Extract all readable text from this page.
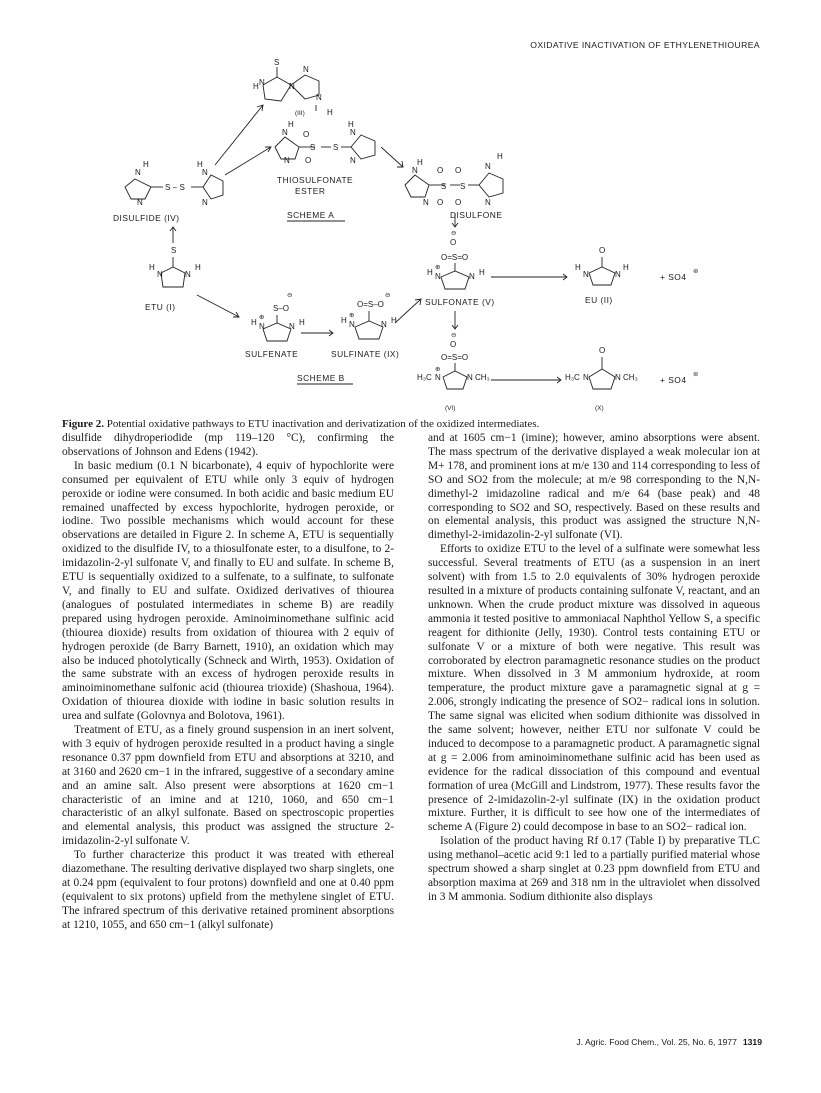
OXIDATIVE INACTIVATION OF ETHYLENETHIOUREA
S
H N	N
N
N
H
(III)
H
N
N
O
S
O
S
H
N
N
THIOSULFONATE
ESTER
SCHEME A
H
N
N
S − S
H
N
N
DISULFIDE (IV)
H
N
N
O
S
O
O
S
O
H
N
N
DISULFONE
S
H
N	N
H
ETU (I)
⊖
O
O=S=O
H N
⊕
N H
SULFONATE (V)
O
H
N	N
H
EU (II)
+ SO4
⊜
⊖
S–O
H N
⊕
N H
SULFENATE
⊖
O=S–O
H N
⊕
N H
SULFINATE (IX)
SCHEME B
⊖
O
O=S=O
H₃C N
⊕
N CH₃
(VI)
O
H₃C N	N CH₃
(X)
+ SO4
⊜
Figure 2. Potential oxidative pathways to ETU inactivation and derivatization of the oxidized intermediates.

disulfide dihydroperiodide (mp 119–120 °C), confirming the observations of Johnson and Edens (1942).

In basic medium (0.1 N bicarbonate), 4 equiv of hypochlorite were consumed per equivalent of ETU while only 3 equiv of hydrogen peroxide or iodine were consumed. In both acidic and basic medium EU remained unaffected by excess hypochlorite, hydrogen peroxide, or iodine. Two possible mechanisms which would account for these observations are detailed in Figure 2. In scheme A, ETU is sequentially oxidized to the disulfide IV, to a thiosulfonate ester, to a disulfone, to 2-imidazolin-2-yl sulfonate V, and finally to EU and sulfate. In scheme B, ETU is sequentially oxidized to a sulfenate, to a sulfinate, to sulfonate V, and finally to EU and sulfate. Oxidized derivatives of thiourea (analogues of postulated intermediates in scheme B) are readily prepared using hydrogen peroxide. Aminoiminomethane sulfinic acid (thiourea dioxide) results from oxidation of thiourea with 2 equiv of hydrogen peroxide (de Barry Barnett, 1910), an oxidation which may also be induced photolytically (Schneck and Wirth, 1953). Oxidation of the same substrate with an excess of hydrogen peroxide results in aminoiminomethane sulfonic acid (thiourea trioxide) (Shashoua, 1964). Oxidation of thiourea dioxide with iodine in basic solution results in urea and sulfate (Golovnya and Bolotova, 1961).

Treatment of ETU, as a finely ground suspension in an inert solvent, with 3 equiv of hydrogen peroxide resulted in a product having a single resonance 0.37 ppm downfield from ETU and absorptions at 3210, and at 3160 and 2620 cm−1 in the infrared, suggestive of a secondary amine and an amine salt. Also present were absorptions at 1620 cm−1 characteristic of an imine and at 1210, 1060, and 650 cm−1 characteristic of an alkyl sulfonate. Based on spectroscopic properties and elemental analysis, this product was assigned the structure 2-imidazolin-2-yl sulfonate V.

To further characterize this product it was treated with ethereal diazomethane. The resulting derivative displayed two sharp singlets, one at 0.24 ppm (equivalent to four protons) downfield and one at 0.40 ppm (equivalent to six protons) upfield from the methylene singlet of ETU. The infrared spectrum of this derivative retained prominent absorptions at 1210, 1055, and 650 cm−1 (alkyl sulfonate)

and at 1605 cm−1 (imine); however, amino absorptions were absent. The mass spectrum of the derivative displayed a weak molecular ion at M+ 178, and prominent ions at m/e 130 and 114 corresponding to less of SO and SO2 from the molecule; at m/e 98 corresponding to the N,N-dimethyl-2 imidazoline radical and m/e 64 (base peak) and 48 corresponding to SO2 and SO, respectively. Based on these results and on elemental analysis, this product was assigned the structure N,N-dimethyl-2-imidazolin-2-yl sulfonate (VI).

Efforts to oxidize ETU to the level of a sulfinate were somewhat less successful. Several treatments of ETU (as a suspension in an inert solvent) with from 1.5 to 2.0 equivalents of 30% hydrogen peroxide resulted in a mixture of products containing sulfonate V, reactant, and an unknown. When the crude product mixture was dissolved in aqueous ammonia it tested positive to ammoniacal Naphthol Yellow S, a specific reagent for dithionite (Jelly, 1930). Control tests containing ETU or sulfonate V or a mixture of both were negative. This result was corroborated by electron paramagnetic resonance studies on the product mixture. When dissolved in 3 M ammonium hydroxide, at room temperature, the product mixture gave a paramagnetic signal at g = 2.006, strongly indicating the presence of SO2− radical ions in solution. The same signal was elicited when sodium dithionite was dissolved in the same solvent; however, neither ETU nor sulfonate V could be induced to decompose to a paramagnetic product. A paramagnetic signal at g = 2.006 from aminoiminomethane sulfinic acid has been used as evidence for the radical dissociation of this compound and eventual formation of urea (McGill and Lindstrom, 1977). These results favor the presence of 2-imidazolin-2-yl sulfinate (IX) in the oxidation product mixture. Further, it is difficult to see how one of the intermediates of scheme A (Figure 2) could decompose in base to an SO2− radical ion.

Isolation of the product having Rf 0.17 (Table I) by preparative TLC using methanol–acetic acid 9:1 led to a partially purified material whose spectrum showed a sharp singlet at 0.23 ppm downfield from ETU and absorption maxima at 269 and 318 nm in the ultraviolet when dissolved in 3 M ammonia. Sodium dithionite also displays

J. Agric. Food Chem., Vol. 25, No. 6, 1977 1319
